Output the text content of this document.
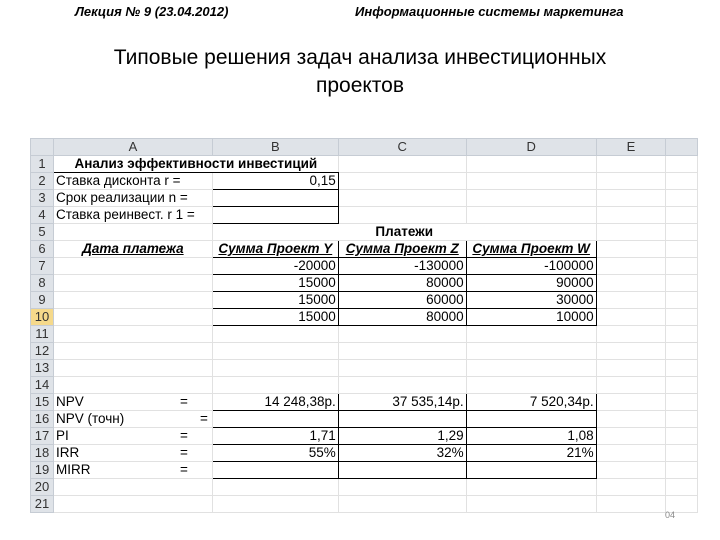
Лекция № 9 (23.04.2012)	Информационные системы маркетинга
Типовые решения задач анализа инвестиционных
проектов
	A	B	C	D	E	
1	Анализ эффективности инвестиций					
2	Ставка дисконта r =	0,15				
3	Срок реализации n =					
4	Ставка реинвест. r 1 =					
5		Платежи				
6	Дата платежа	Сумма Проект Y	Сумма Проект Z	Сумма Проект W		
7		-20000	-130000	-100000		
8		15000	80000	90000		
9		15000	60000	30000		
10		15000	80000	10000		
11						
12						
13						
14						
15	NPV =	14 248,38р.	37 535,14р.	7 520,34р.		
16	NPV (точн) =					

17	PI =	1,71	1,29	1,08		
18	IRR =	55%	32%	21%		
19	MIRR =					

20						
21						
04
